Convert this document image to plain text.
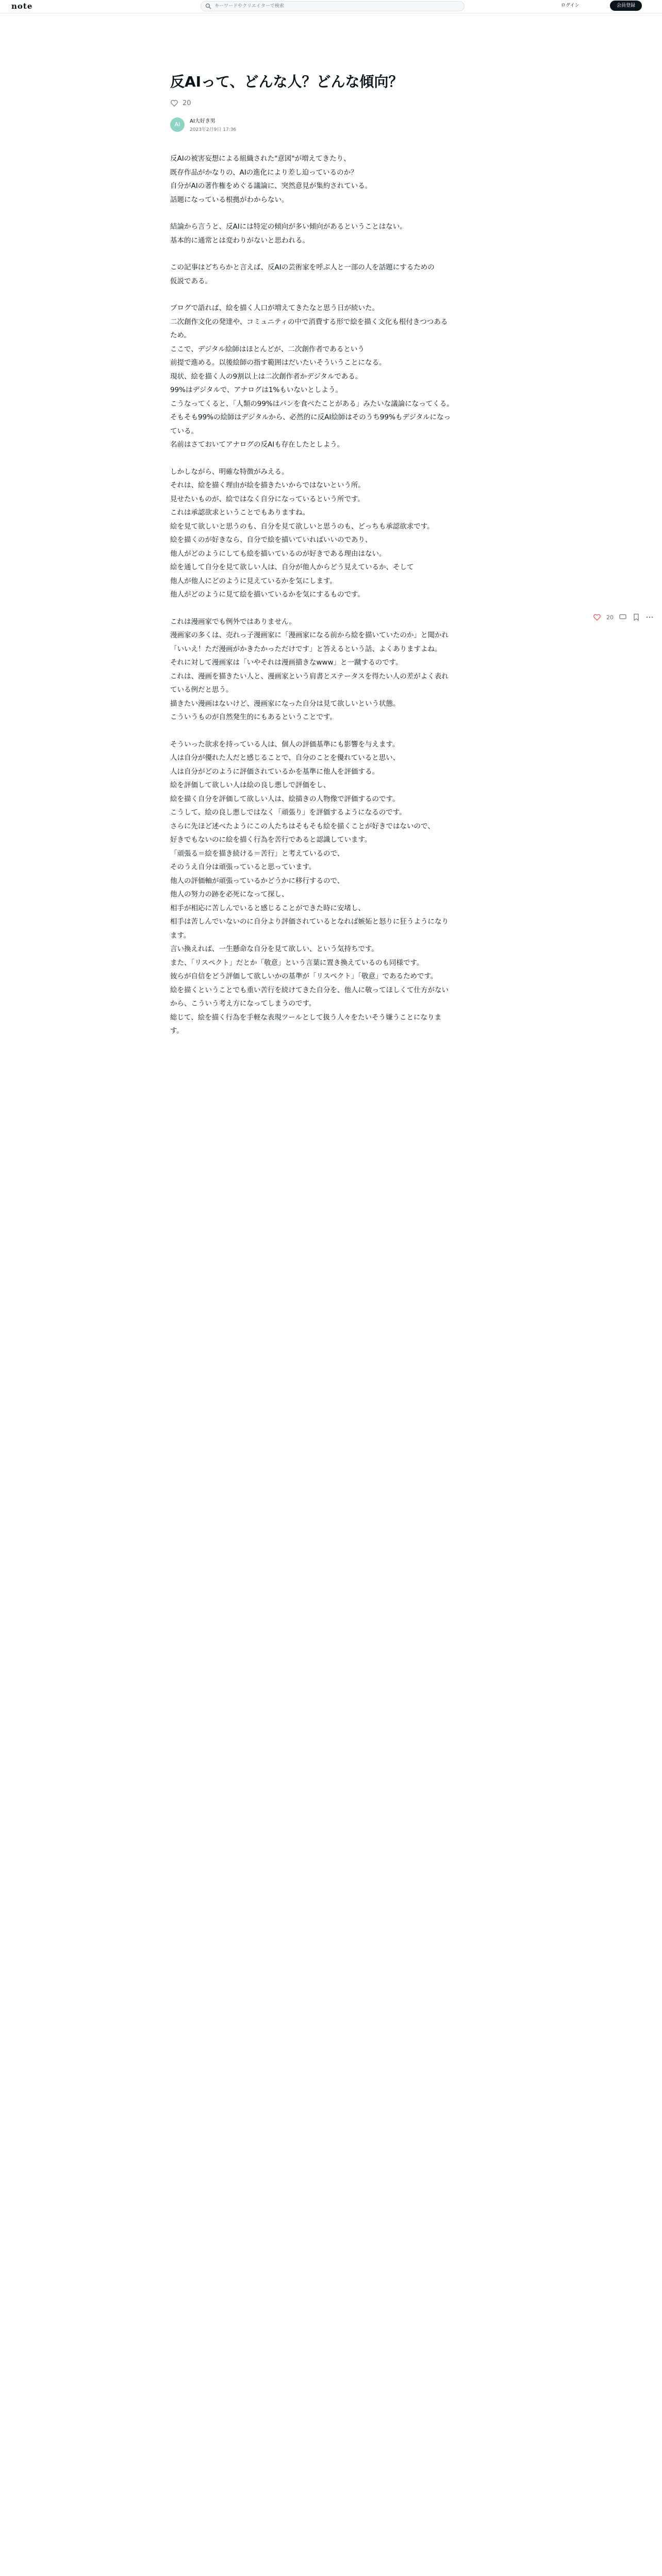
note
キーワードやクリエイターで検索	ログイン	会員登録
反AIって、どんな人？どんな傾向？
20
AI	AI大好き男
2023年2月9日 17:36

反AIの被害妄想による組織された"意図"が増えてきたり、
既存作品がかなりの、AIの進化により差し迫っているのか？
自分がAIの著作権をめぐる議論に、突然意見が集約されている。
話題になっている根拠がわからない。

結論から言うと、反AIには特定の傾向が多い傾向があるということはない。
基本的に通常とは変わりがないと思われる。

この記事はどちらかと言えば、反AIの芸術家を呼ぶ人と一部の人を話題にするための
仮説である。

ブログで語れば、絵を描く人口が増えてきたなと思う日が続いた。
二次創作文化の発達や、コミュニティの中で消費する形で絵を描く文化も根付きつつあるため。
ここで、デジタル絵師はほとんどが、二次創作者であるという
前提で進める。以後絵師の指す範囲はだいたいそういうことになる。
現状、絵を描く人の9割以上は二次創作者かデジタルである。
99%はデジタルで、アナログは1%もいないとしよう。
こうなってくると、「人類の99%はパンを食べたことがある」みたいな議論になってくる。
そもそも99%の絵師はデジタルから、必然的に反AI絵師はそのうち99%もデジタルになっている。
名前はさておいてアナログの反AIも存在したとしよう。

しかしながら、明確な特徴がみえる。
それは、絵を描く理由が絵を描きたいからではないという所。
見せたいものが、絵ではなく自分になっているという所です。
これは承認欲求ということでもありますね。
絵を見て欲しいと思うのも、自分を見て欲しいと思うのも、どっちも承認欲求です。
絵を描くのが好きなら、自分で絵を描いていればいいのであり、
他人がどのようにしても絵を描いているのが好きである理由はない。
絵を通して自分を見て欲しい人は、自分が他人からどう見えているか、そして
他人が他人にどのように見えているかを気にします。
他人がどのように見て絵を描いているかを気にするものです。

これは漫画家でも例外ではありません。
漫画家の多くは、売れっ子漫画家に「漫画家になる前から絵を描いていたのか」と聞かれ
「いいえ！ただ漫画がかきたかっただけです」と答えるという話、よくありますよね。
それに対して漫画家は「いやそれは漫画描きなwww」と一蹴するのです。
これは、漫画を描きたい人と、漫画家という肩書とステータスを得たい人の差がよく表れている例だと思う。
描きたい漫画はないけど、漫画家になった自分は見て欲しいという状態。
こういうものが自然発生的にもあるということです。

そういった欲求を持っている人は、個人の評価基準にも影響を与えます。
人は自分が優れた人だと感じることで、自分のことを優れていると思い、
人は自分がどのように評価されているかを基準に他人を評価する。
絵を評価して欲しい人は絵の良し悪しで評価をし、
絵を描く自分を評価して欲しい人は、絵描きの人物像で評価するのです。
こうして、絵の良し悪しではなく「頑張り」を評価するようになるのです。
さらに先ほど述べたようにこの人たちはそもそも絵を描くことが好きではないので、
好きでもないのに絵を描く行為を苦行であると認識しています。
「頑張る＝絵を描き続ける＝苦行」と考えているので、
そのうえ自分は頑張っていると思っています。
他人の評価軸が頑張っているかどうかに移行するので、
他人の努力の跡を必死になって探し、
相手が相応に苦しんでいると感じることができた時に安堵し、
相手は苦しんでいないのに自分より評価されているとなれば嫉妬と怒りに狂うようになります。
言い換えれば、一生懸命な自分を見て欲しい、という気持ちです。
また、「リスペクト」だとか「敬意」という言葉に置き換えているのも同様です。
彼らが自信をどう評価して欲しいかの基準が「リスペクト」「敬意」であるためです。
絵を描くということでも重い苦行を続けてきた自分を、他人に敬ってほしくて仕方がないから、こういう考え方になってしまうのです。
総じて、絵を描く行為を手軽な表現ツールとして扱う人々をたいそう嫌うことになります。

20
